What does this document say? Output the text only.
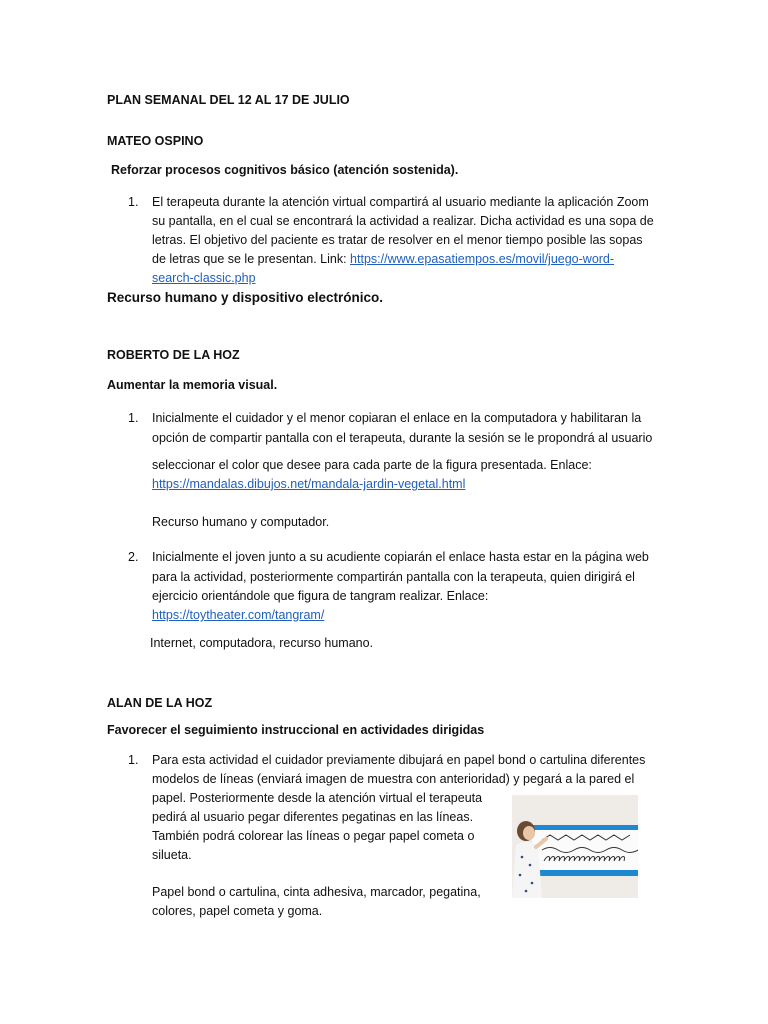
PLAN SEMANAL DEL 12 AL 17 DE JULIO
MATEO OSPINO
Reforzar procesos cognitivos básico (atención sostenida).
1. El terapeuta durante la atención virtual compartirá al usuario mediante la aplicación Zoom
su pantalla, en el cual se encontrará la actividad a realizar. Dicha actividad es una sopa de
letras. El objetivo del paciente es tratar de resolver en el menor tiempo posible las sopas
de letras que se le presentan. Link: https://www.epasatiempos.es/movil/juego-word-
search-classic.php
Recurso humano y dispositivo electrónico.
ROBERTO DE LA HOZ
Aumentar la memoria visual.
1. Inicialmente el cuidador y el menor copiaran el enlace en la computadora y habilitaran la
opción de compartir pantalla con el terapeuta, durante la sesión se le propondrá al usuario
seleccionar el color que desee para cada parte de la figura presentada. Enlace:
https://mandalas.dibujos.net/mandala-jardin-vegetal.html
Recurso humano y computador.
2. Inicialmente el joven junto a su acudiente copiarán el enlace hasta estar en la página web
para la actividad, posteriormente compartirán pantalla con la terapeuta, quien dirigirá el
ejercicio orientándole que figura de tangram realizar. Enlace:
https://toytheater.com/tangram/
Internet, computadora, recurso humano.
ALAN DE LA HOZ
Favorecer el seguimiento instruccional en actividades dirigidas
1. Para esta actividad el cuidador previamente dibujará en papel bond o cartulina diferentes
modelos de líneas (enviará imagen de muestra con anterioridad) y pegará a la pared el
papel. Posteriormente desde la atención virtual el terapeuta
pedirá al usuario pegar diferentes pegatinas en las líneas.
También podrá colorear las líneas o pegar papel cometa o
silueta.
Papel bond o cartulina, cinta adhesiva, marcador, pegatina,
colores, papel cometa y goma.
